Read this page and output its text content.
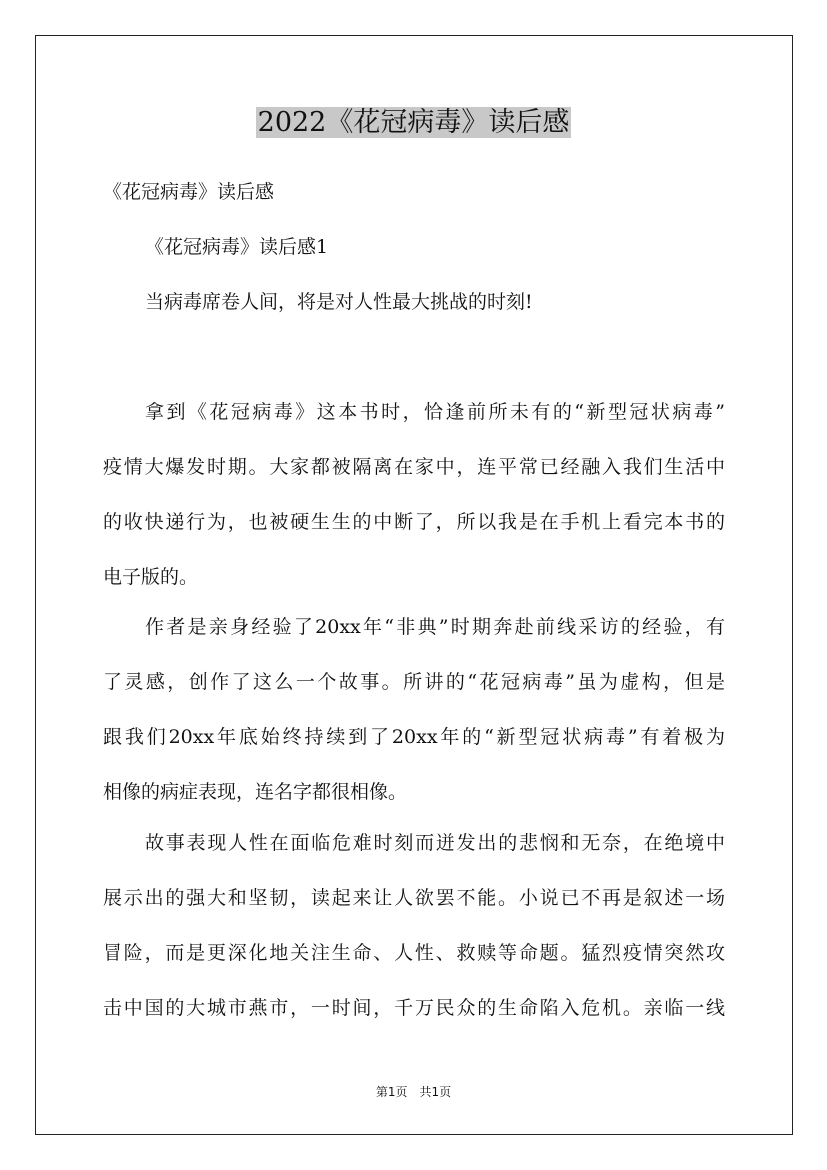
2022《花冠病毒》读后感

《花冠病毒》读后感

《花冠病毒》读后感1

当病毒席卷人间，将是对人性最大挑战的时刻!

拿到《花冠病毒》这本书时，恰逢前所未有的“新型冠状病毒”

疫情大爆发时期。大家都被隔离在家中，连平常已经融入我们生活中

的收快递行为，也被硬生生的中断了，所以我是在手机上看完本书的

电子版的。

作者是亲身经验了20xx年“非典”时期奔赴前线采访的经验，有

了灵感，创作了这么一个故事。所讲的“花冠病毒”虽为虚构，但是

跟我们20xx年底始终持续到了20xx年的“新型冠状病毒”有着极为

相像的病症表现，连名字都很相像。

故事表现人性在面临危难时刻而迸发出的悲悯和无奈，在绝境中

展示出的强大和坚韧，读起来让人欲罢不能。小说已不再是叙述一场

冒险，而是更深化地关注生命、人性、救赎等命题。猛烈疫情突然攻

击中国的大城市燕市，一时间，千万民众的生命陷入危机。亲临一线

第1页　共1页
